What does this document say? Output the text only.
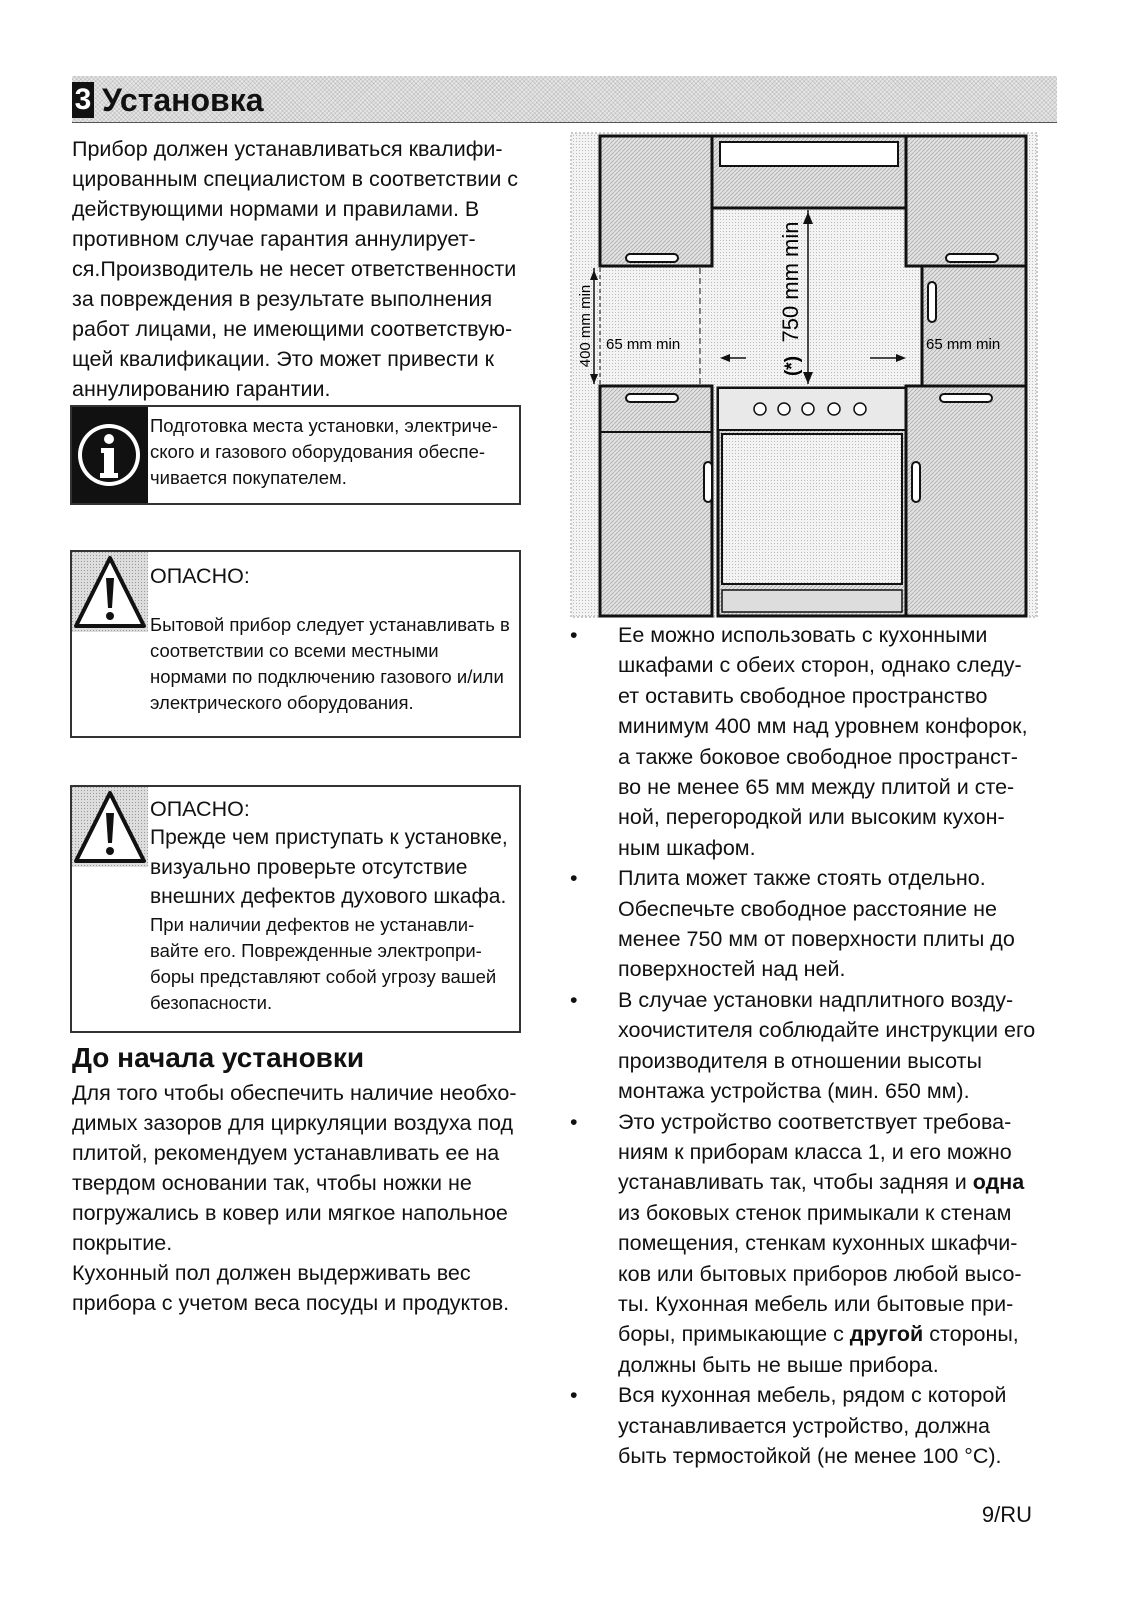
3 Установка

Прибор должен устанавливаться квалифи-цированным специалистом в соответствии с действующими нормами и правилами. В противном случае гарантия аннулирует-ся.Производитель не несет ответственности за повреждения в результате выполнения работ лицами, не имеющими соответствую-щей квалификации. Это может привести к аннулированию гарантии.

Подготовка места установки, электриче-ского и газового оборудования обеспе-чивается покупателем.
ОПАСНО:
Бытовой прибор следует устанавливать в соответствии со всеми местными нормами по подключению газового и/или электрического оборудования.
ОПАСНО:
Прежде чем приступать к установке, визуально проверьте отсутствие внешних дефектов духового шкафа.
При наличии дефектов не устанавли-вайте его. Поврежденные электропри-боры представляют собой угрозу вашей безопасности.
До начала установки

Для того чтобы обеспечить наличие необхо-димых зазоров для циркуляции воздуха под плитой, рекомендуем устанавливать ее на твердом основании так, чтобы ножки не погружались в ковер или мягкое напольное покрытие.

Кухонный пол должен выдерживать вес прибора с учетом веса посуды и продуктов.

400 mm min	750 mm min
(*)
65 mm min	65 mm min
• Ее можно использовать с кухонными шкафами с обеих сторон, однако следу-ет оставить свободное пространство минимум 400 мм над уровнем конфорок, а также боковое свободное пространст-во не менее 65 мм между плитой и сте-ной, перегородкой или высоким кухон-ным шкафом.
• Плита может также стоять отдельно. Обеспечьте свободное расстояние не менее 750 мм от поверхности плиты до поверхностей над ней.
• В случае установки надплитного возду-хоочистителя соблюдайте инструкции его производителя в отношении высоты монтажа устройства (мин. 650 мм).
• Это устройство соответствует требова-ниям к приборам класса 1, и его можно устанавливать так, чтобы задняя и одна из боковых стенок примыкали к стенам помещения, стенкам кухонных шкафчи-ков или бытовых приборов любой высо-ты. Кухонная мебель или бытовые при-боры, примыкающие с другой стороны, должны быть не выше прибора.
• Вся кухонная мебель, рядом с которой устанавливается устройство, должна быть термостойкой (не менее 100 °C).
9/RU
